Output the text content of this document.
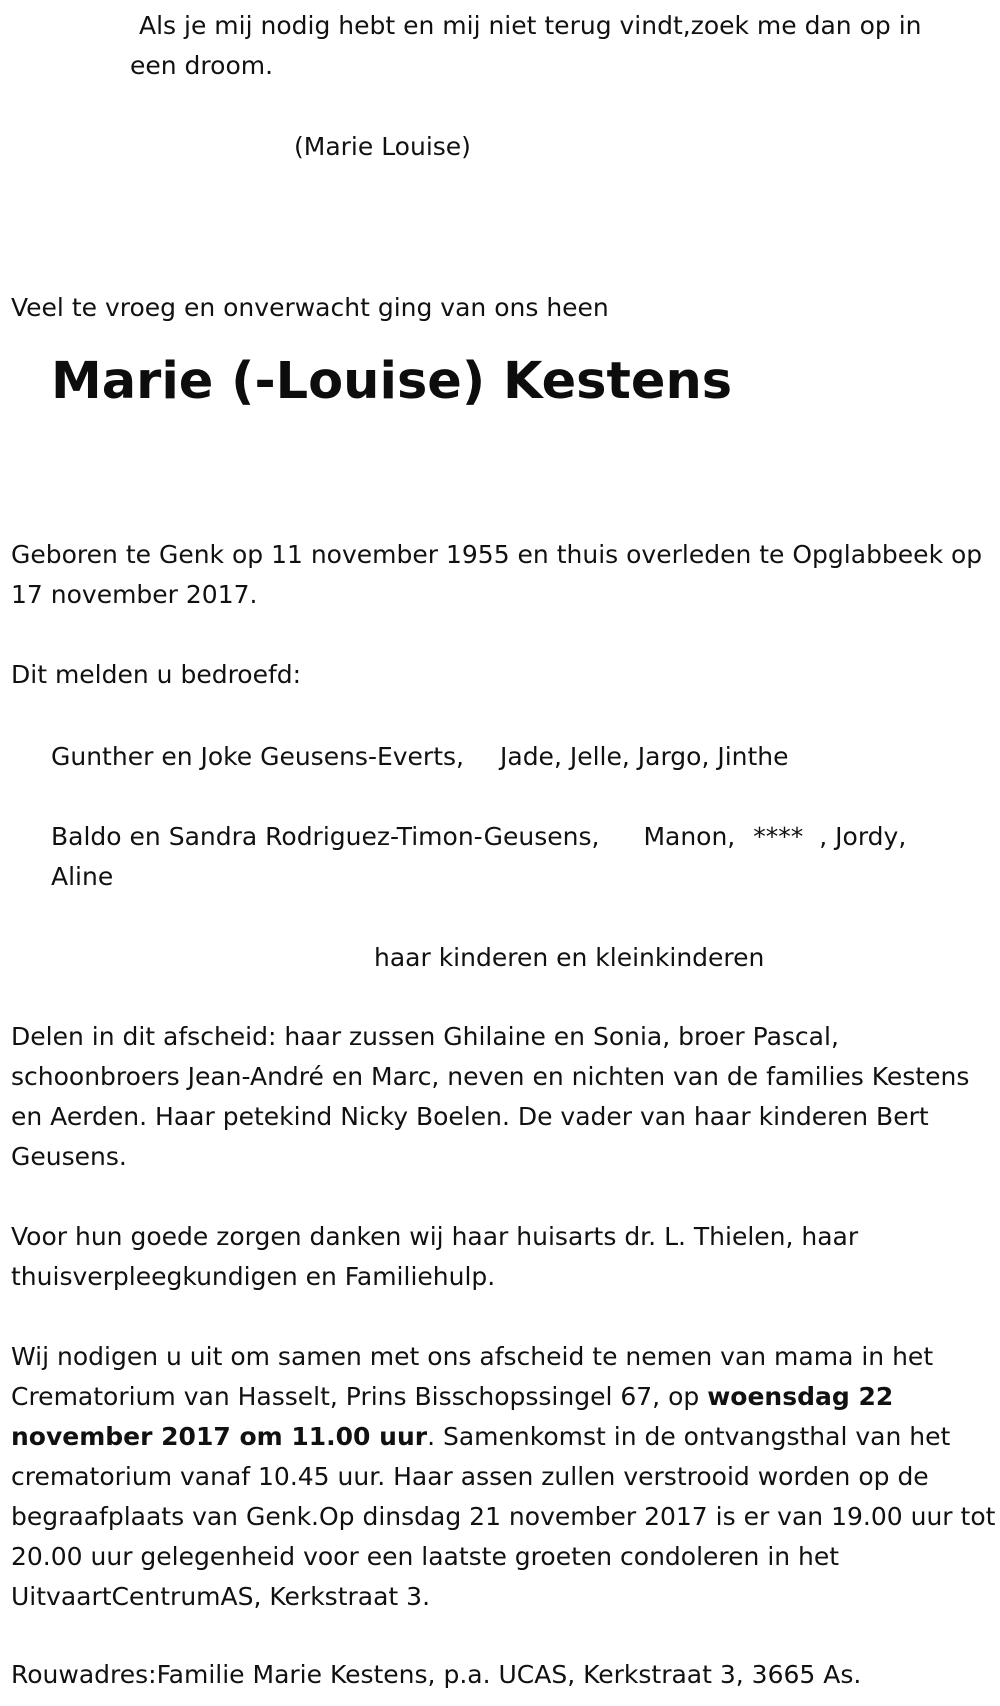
Als je mij nodig hebt en mij niet terug vindt,zoek me dan op in
een droom.

(Marie Louise)

Veel te vroeg en onverwacht ging van ons heen

Marie (-Louise) Kestens

Geboren te Genk op 11 november 1955 en thuis overleden te Opglabbeek op 17 november 2017.

Dit melden u bedroefd:

Gunther en Joke Geusens-Everts, Jade, Jelle, Jargo, Jinthe

Baldo en Sandra Rodriguez-Timon-Geusens, Manon, **** , Jordy,
Aline

haar kinderen en kleinkinderen

Delen in dit afscheid: haar zussen Ghilaine en Sonia, broer Pascal, schoonbroers Jean-André en Marc, neven en nichten van de families Kestens en Aerden. Haar petekind Nicky Boelen. De vader van haar kinderen Bert Geusens.

Voor hun goede zorgen danken wij haar huisarts dr. L. Thielen, haar thuisverpleegkundigen en Familiehulp.

Wij nodigen u uit om samen met ons afscheid te nemen van mama in het Crematorium van Hasselt, Prins Bisschopssingel 67, op woensdag 22 november 2017 om 11.00 uur. Samenkomst in de ontvangsthal van het crematorium vanaf 10.45 uur. Haar assen zullen verstrooid worden op de begraafplaats van Genk.Op dinsdag 21 november 2017 is er van 19.00 uur tot 20.00 uur gelegenheid voor een laatste groeten condoleren in het UitvaartCentrumAS, Kerkstraat 3.

Rouwadres:Familie Marie Kestens, p.a. UCAS, Kerkstraat 3, 3665 As.
